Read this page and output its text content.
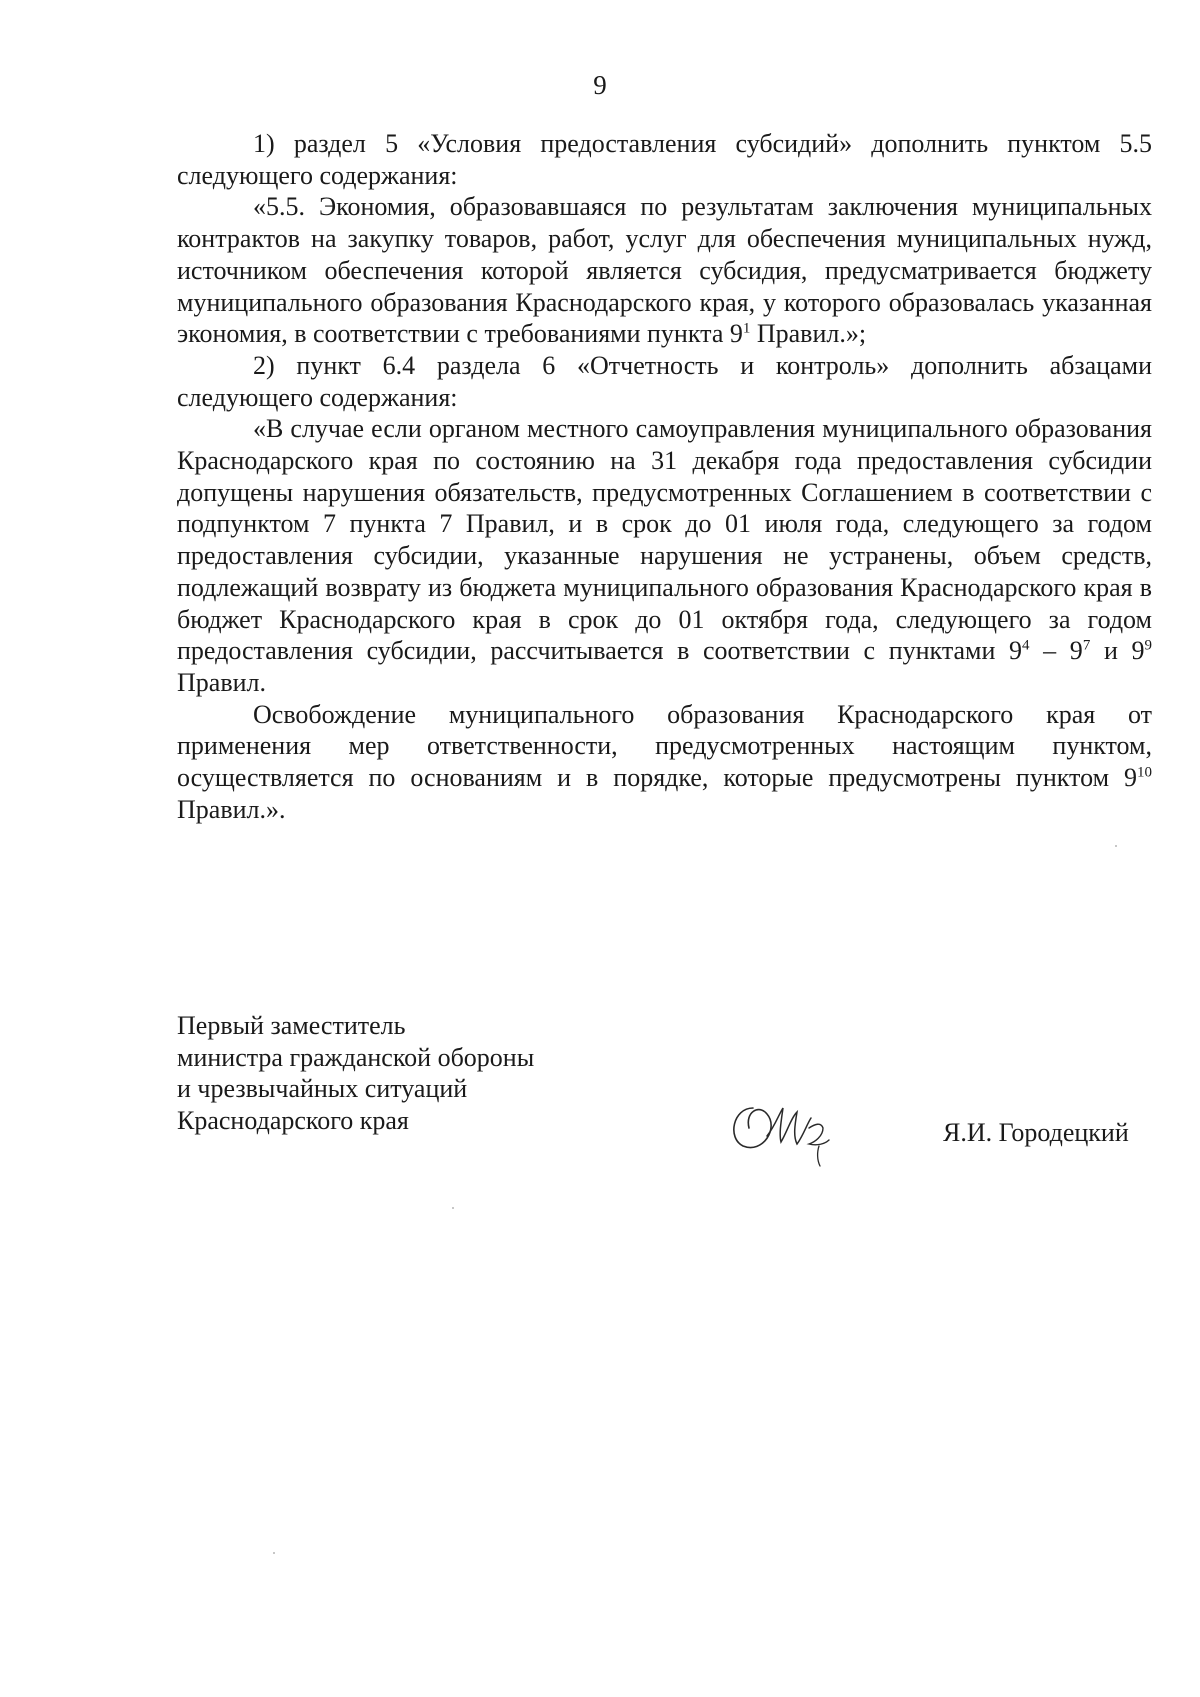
9

1) раздел 5 «Условия предоставления субсидий» дополнить пунктом 5.5 следующего содержания:

«5.5. Экономия, образовавшаяся по результатам заключения муниципальных контрактов на закупку товаров, работ, услуг для обеспечения муниципальных нужд, источником обеспечения которой является субсидия, предусматривается бюджету муниципального образования Краснодарского края, у которого образовалась указанная экономия, в соответствии с требованиями пункта $9^1$ Правил.»;

2) пункт 6.4 раздела 6 «Отчетность и контроль» дополнить абзацами следующего содержания:

«В случае если органом местного самоуправления муниципального образования Краснодарского края по состоянию на 31 декабря года предоставления субсидии допущены нарушения обязательств, предусмотренных Соглашением в соответствии с подпунктом 7 пункта 7 Правил, и в срок до 01 июля года, следующего за годом предоставления субсидии, указанные нарушения не устранены, объем средств, подлежащий возврату из бюджета муниципального образования Краснодарского края в бюджет Краснодарского края в срок до 01 октября года, следующего за годом предоставления субсидии, рассчитывается в соответствии с пунктами $9^4 - 9^7$ и $9^9$ Правил.

Освобождение муниципального образования Краснодарского края от применения мер ответственности, предусмотренных настоящим пунктом, осуществляется по основаниям и в порядке, которые предусмотрены пунктом $9^{10}$ Правил.».

Первый заместитель
министра гражданской обороны
и чрезвычайных ситуаций
Краснодарского края	Я.И. Городецкий
